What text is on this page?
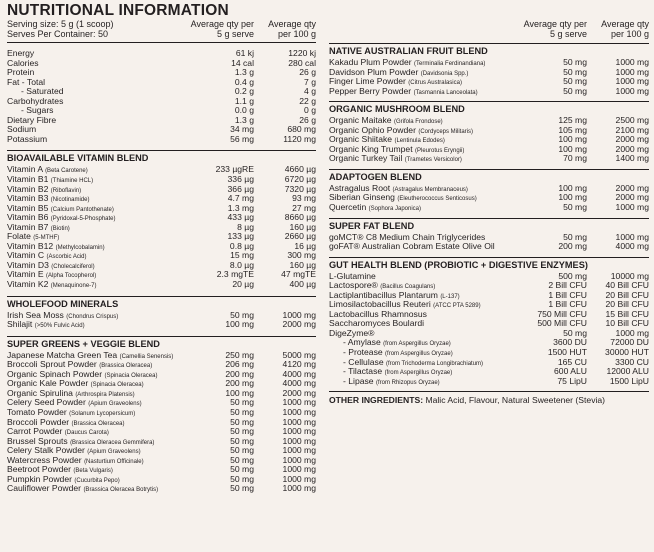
NUTRITIONAL INFORMATION
Serving size: 5 g (1 scoop)
Serves Per Container: 50
Average qty per
5 g serve
Average qty
per 100 g
Energy	61 kj	1220 kj
Calories	14 cal	280 cal
Protein	1.3 g	26 g
Fat - Total	0.4 g	7 g
- Saturated	0.2 g	4 g
Carbohydrates	1.1 g	22 g
- Sugars	0.0 g	0 g
Dietary Fibre	1.3 g	26 g
Sodium	34 mg	680 mg
Potassium	56 mg	1120 mg
BIOAVAILABLE VITAMIN BLEND
Vitamin A (Beta Carotene)	233 µgRE	4660 µg
Vitamin B1 (Thiamine HCL)	336 µg	6720 µg
Vitamin B2 (Riboflavin)	366 µg	7320 µg
Vitamin B3 (Nicotinamide)	4.7 mg	93 mg
Vitamin B5 (Calcium Pantothenate)	1.3 mg	27 mg
Vitamin B6 (Pyridoxal-5-Phosphate)	433 µg	8660 µg
Vitamin B7 (Biotin)	8 µg	160 µg
Folate (5-MTHF)	133 µg	2660 µg
Vitamin B12 (Methylcobalamin)	0.8 µg	16 µg
Vitamin C (Ascorbic Acid)	15 mg	300 mg
Vitamin D3 (Cholecalciferol)	8.0 µg	160 µg
Vitamin E (Alpha Tocopherol)	2.3 mgTE	47 mgTE
Vitamin K2 (Menaquinone-7)	20 µg	400 µg
WHOLEFOOD MINERALS
Irish Sea Moss (Chondrus Crispus)	50 mg	1000 mg
Shilajit (>50% Fulvic Acid)	100 mg	2000 mg
SUPER GREENS + VEGGIE BLEND
Japanese Matcha Green Tea (Camellia Senensis)	250 mg	5000 mg
Broccoli Sprout Powder (Brassica Oleracea)	206 mg	4120 mg
Organic Spinach Powder (Spinacia Oleracea)	200 mg	4000 mg
Organic Kale Powder (Spinacia Oleracea)	200 mg	4000 mg
Organic Spirulina (Arthrospira Platensis)	100 mg	2000 mg
Celery Seed Powder (Apium Graveolens)	50 mg	1000 mg
Tomato Powder (Solanum Lycopersicum)	50 mg	1000 mg
Broccoli Powder (Brassica Oleracea)	50 mg	1000 mg
Carrot Powder (Daucus Carota)	50 mg	1000 mg
Brussel Sprouts (Brassica Oleracea Gemmifera)	50 mg	1000 mg
Celery Stalk Powder (Apium Graveolens)	50 mg	1000 mg
Watercress Powder (Nasturtium Officinale)	50 mg	1000 mg
Beetroot Powder (Beta Vulgaris)	50 mg	1000 mg
Pumpkin Powder (Cucurbita Pepo)	50 mg	1000 mg
Cauliflower Powder (Brassica Oleracea Botrytis)	50 mg	1000 mg
Average qty per
5 g serve
Average qty
per 100 g
NATIVE AUSTRALIAN FRUIT BLEND
Kakadu Plum Powder (Terminalia Ferdinandiana)	50 mg	1000 mg
Davidson Plum Powder (Davidsonia Spp.)	50 mg	1000 mg
Finger Lime Powder (Citrus Australasica)	50 mg	1000 mg
Pepper Berry Powder (Tasmannia Lanceolata)	50 mg	1000 mg
ORGANIC MUSHROOM BLEND
Organic Maitake (Grifola Frondose)	125 mg	2500 mg
Organic Ophio Powder (Cordyceps Militaris)	105 mg	2100 mg
Organic Shiitake (Lentinula Edodes)	100 mg	2000 mg
Organic King Trumpet (Pleurotus Eryngii)	100 mg	2000 mg
Organic Turkey Tail (Trametes Versicolor)	70 mg	1400 mg
ADAPTOGEN BLEND
Astragalus Root (Astragalus Membranaceus)	100 mg	2000 mg
Siberian Ginseng (Eleutherococcus Senticosus)	100 mg	2000 mg
Quercetin (Sophora Japonica)	50 mg	1000 mg
SUPER FAT BLEND
goMCT® C8 Medium Chain Triglycerides	50 mg	1000 mg
goFAT® Australian Cobram Estate Olive Oil	200 mg	4000 mg
GUT HEALTH BLEND (PROBIOTIC + DIGESTIVE ENZYMES)
L-Glutamine	500 mg	10000 mg
Lactospore® (Bacillus Coagulans)	2 Bill CFU 40 Bill CFU
Lactiplantibacillus Plantarum (L-137)	1 Bill CFU 20 Bill CFU
Limosilactobacillus Reuteri (ATCC PTA 5289)	1 Bill CFU 20 Bill CFU
Lactobacillus Rhamnosus	750 Mill CFU 15 Bill CFU
Saccharomyces Boulardi	500 Mill CFU 10 Bill CFU
DigeZyme®	50 mg	1000 mg
- Amylase (from Aspergillus Oryzae)	3600 DU	72000 DU
- Protease (from Aspergillus Oryzae)	1500 HUT 30000 HUT
- Cellulase (from Trichoderma Longibrachiatum)	165 CU	3300 CU
- Tilactase (from Aspergillus Oryzae)	600 ALU 12000 ALU
- Lipase (from Rhizopus Oryzae)	75 LipU	1500 LipU
OTHER INGREDIENTS: Malic Acid, Flavour, Natural Sweetener (Stevia)
